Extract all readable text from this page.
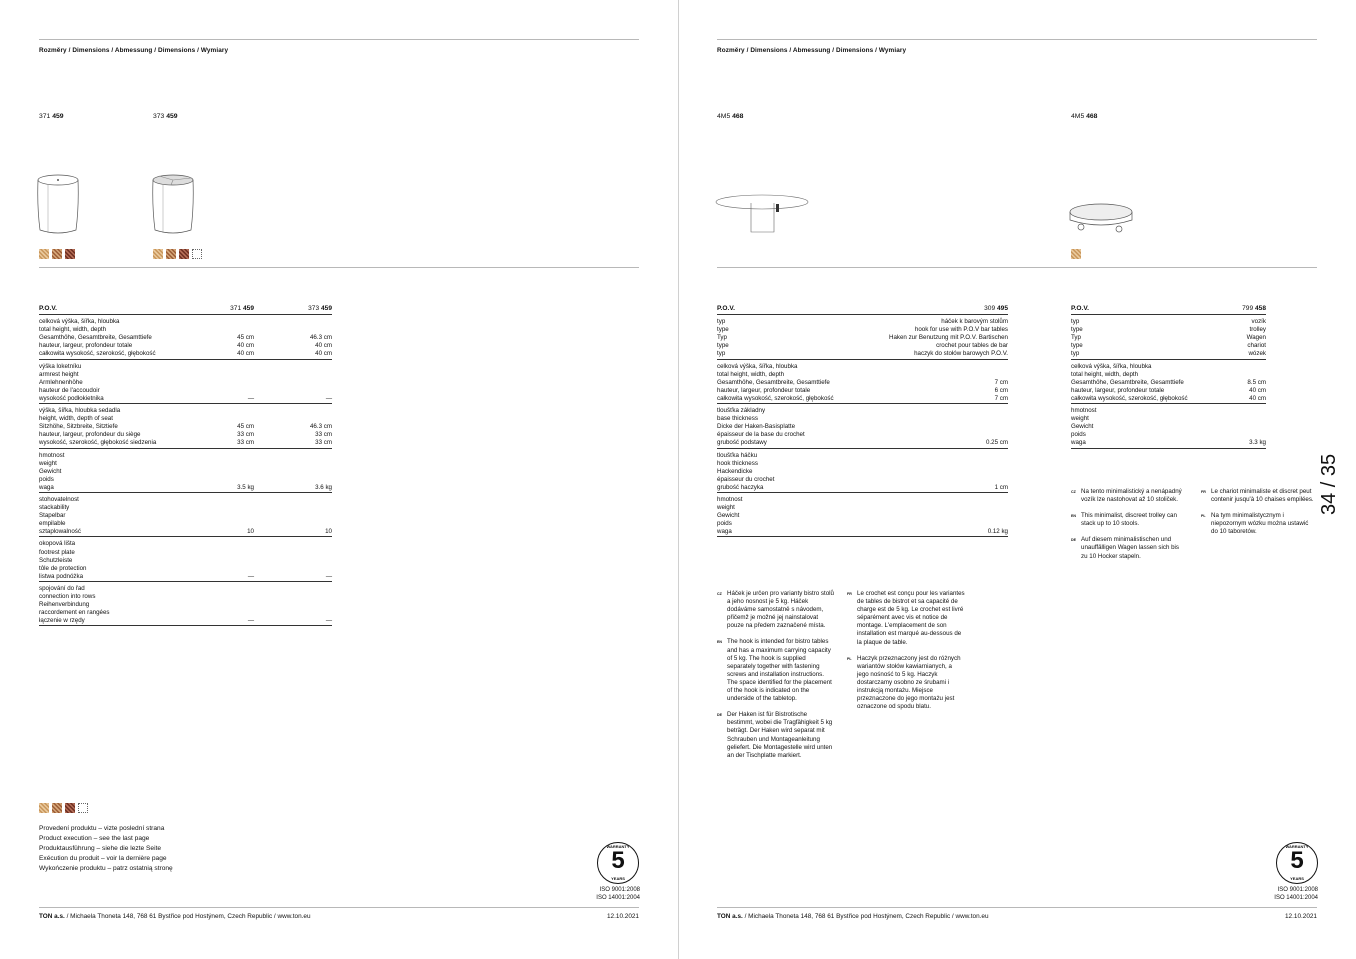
Rozměry / Dimensions / Abmessung / Dimensions / Wymiary
371 459	373 459
P.O.V.	371 459	373 459

celková výška, šířka, hloubka		
total height, width, depth		
Gesamthöhe, Gesamtbreite, Gesamttiefe	45 cm	46.3 cm
hauteur, largeur, profondeur totale	40 cm	40 cm
całkowita wysokość, szerokość, głębokość	40 cm	40 cm

výška loketníku		
armrest height		
Armlehnenhöhe		
hauteur de l'accoudoir		
wysokość podłokietnika	—	—

výška, šířka, hloubka sedadla		
height, width, depth of seat		
Sitzhöhe, Sitzbreite, Sitztiefe	45 cm	46.3 cm
hauteur, largeur, profondeur du siège	33 cm	33 cm
wysokość, szerokość, głębokość siedzenia	33 cm	33 cm

hmotnost		
weight		
Gewicht		
poids		
waga	3.5 kg	3.6 kg

stohovatelnost		
stackability		
Stapelbar		
empilable		
sztaplowalność	10	10

okopová lišta		
footrest plate		
Schutzleiste		
tôle de protection		
listwa podnóżka	—	—

spojování do řad		
connection into rows		
Reihenverbindung		
raccordement en rangées		
łączenie w rzędy	—	—
Provedení produktu – vizte poslední strana
Product execution – see the last page
Produktausführung – siehe die lezte Seite
Exécution du produit – voir la dernière page
Wykończenie produktu – patrz ostatnią stronę
WARRANTY
5
YEARS
ISO 9001:2008
ISO 14001:2004
TON a.s. / Michaela Thoneta 148, 768 61 Bystřice pod Hostýnem, Czech Republic / www.ton.eu	12.10.2021
Rozměry / Dimensions / Abmessung / Dimensions / Wymiary
4M5 468	4M5 468
P.O.V.	309 495

typ	háček k barovým stolům
type	hook for use with P.O.V bar tables
Typ	Haken zur Benutzung mit P.O.V. Bartischen
type	crochet pour tables de bar
typ	haczyk do stołów barowych P.O.V.

celková výška, šířka, hloubka	
total height, width, depth	
Gesamthöhe, Gesamtbreite, Gesamttiefe	7 cm
hauteur, largeur, profondeur totale	6 cm
całkowita wysokość, szerokość, głębokość	7 cm

tloušťka základny	
base thickness	
Dicke der Haken-Basisplatte	
épaisseur de la base du crochet	
grubość podstawy	0.25 cm

tloušťka háčku	
hook thickness	
Hackendicke	
épaisseur du crochet	
grubość haczyka	1 cm

hmotnost	
weight	
Gewicht	
poids	
waga	0.12 kg
P.O.V.	799 458

typ	vozík
type	trolley
Typ	Wagen
type	chariot
typ	wózek

celková výška, šířka, hloubka	
total height, width, depth	
Gesamthöhe, Gesamtbreite, Gesamttiefe	8.5 cm
hauteur, largeur, profondeur totale	40 cm
całkowita wysokość, szerokość, głębokość	40 cm

hmotnost	
weight	
Gewicht	
poids	
waga	3.3 kg
CZ Háček je určen pro varianty bistro stolů a jeho nosnost je 5 kg. Háček dodáváme samostatně s návodem, přičemž je možné jej nainstalovat pouze na předem zaznačené místa.
EN The hook is intended for bistro tables and has a maximum carrying capacity of 5 kg. The hook is supplied separately together with fastening screws and installation instructions. The space identified for the placement of the hook is indicated on the underside of the tabletop.
DE Der Haken ist für Bistrotische bestimmt, wobei die Tragfähigkeit 5 kg beträgt. Der Haken wird separat mit Schrauben und Montageanleitung geliefert. Die Montagestelle wird unten an der Tischplatte markiert.
FR Le crochet est conçu pour les variantes de tables de bistrot et sa capacité de charge est de 5 kg. Le crochet est livré séparément avec vis et notice de montage. L'emplacement de son installation est marqué au-dessous de la plaque de table.
PL Haczyk przeznaczony jest do różnych wariantów stołów kawiarnianych, a jego nośność to 5 kg. Haczyk dostarczamy osobno ze śrubami i instrukcją montażu. Miejsce przeznaczone do jego montażu jest oznaczone od spodu blatu.
CZ Na tento minimalistický a nenápadný vozík lze nastohovat až 10 stoliček.
EN This minimalist, discreet trolley can stack up to 10 stools.
DE Auf diesem minimalistischen und unauffälligen Wagen lassen sich bis zu 10 Hocker stapeln.
FR Le chariot minimaliste et discret peut contenir jusqu'à 10 chaises empilées.
PL Na tym minimalistycznym i niepozornym wózku można ustawić do 10 taboretów.
34 / 35
WARRANTY
5
YEARS
ISO 9001:2008
ISO 14001:2004
TON a.s. / Michaela Thoneta 148, 768 61 Bystřice pod Hostýnem, Czech Republic / www.ton.eu	12.10.2021
